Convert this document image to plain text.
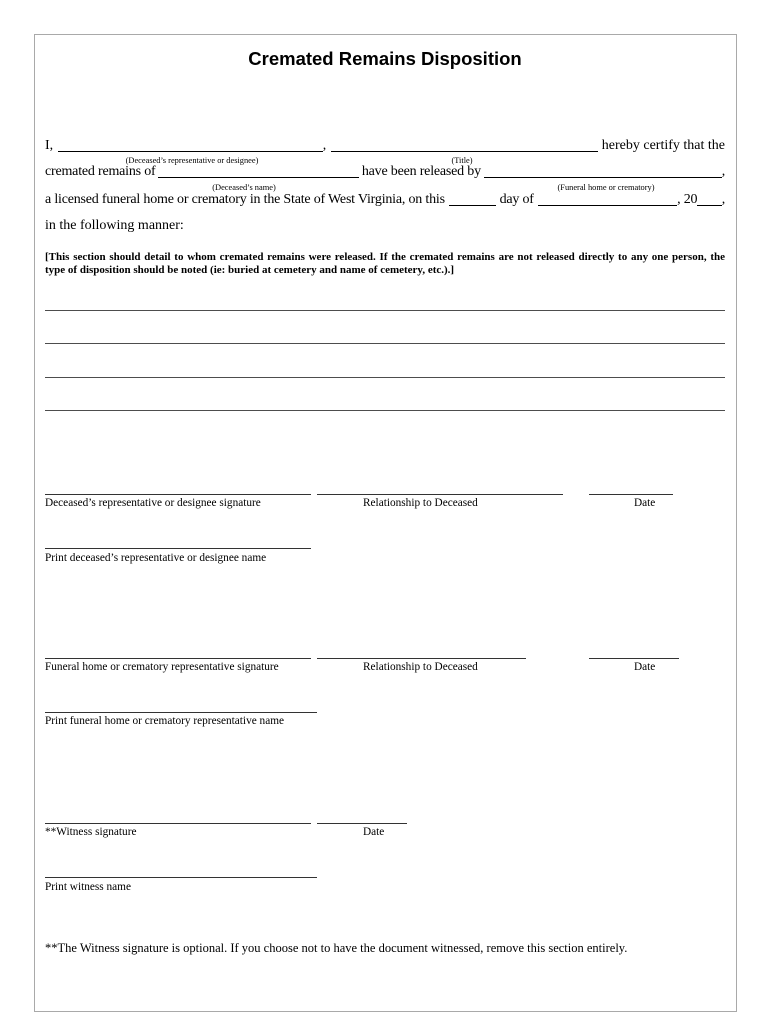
Cremated Remains Disposition
I,	,	hereby certify that the
(Deceased’s representative or designee)	(Title)
cremated remains of	have been released by	,
(Deceased’s name)	(Funeral home or crematory)
a licensed funeral home or crematory in the State of West Virginia, on this	day of	, 20 ,
in the following manner:
[This section should detail to whom cremated remains were released. If the cremated remains are not released directly to any one person, the
type of disposition should be noted (ie: buried at cemetery and name of cemetery, etc.).]
Deceased’s representative or designee signature	Relationship to Deceased	Date
Print deceased’s representative or designee name
Funeral home or crematory representative signature	Relationship to Deceased	Date
Print funeral home or crematory representative name
**Witness signature	Date
Print witness name
**The Witness signature is optional. If you choose not to have the document witnessed, remove this section entirely.
